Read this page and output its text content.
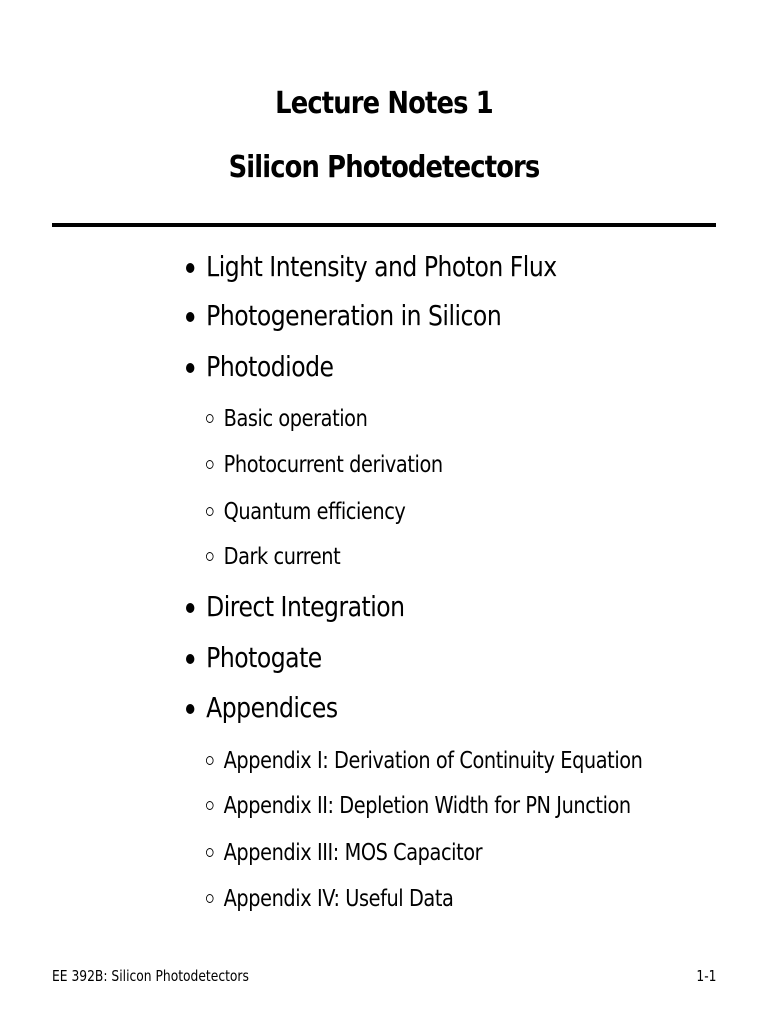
Lecture Notes 1
Silicon Photodetectors
Light Intensity and Photon Flux
Photogeneration in Silicon
Photodiode
Basic operation
Photocurrent derivation
Quantum efficiency
Dark current
Direct Integration
Photogate
Appendices
Appendix I: Derivation of Continuity Equation
Appendix II: Depletion Width for PN Junction
Appendix III: MOS Capacitor
Appendix IV: Useful Data
EE 392B: Silicon Photodetectors	1-1
